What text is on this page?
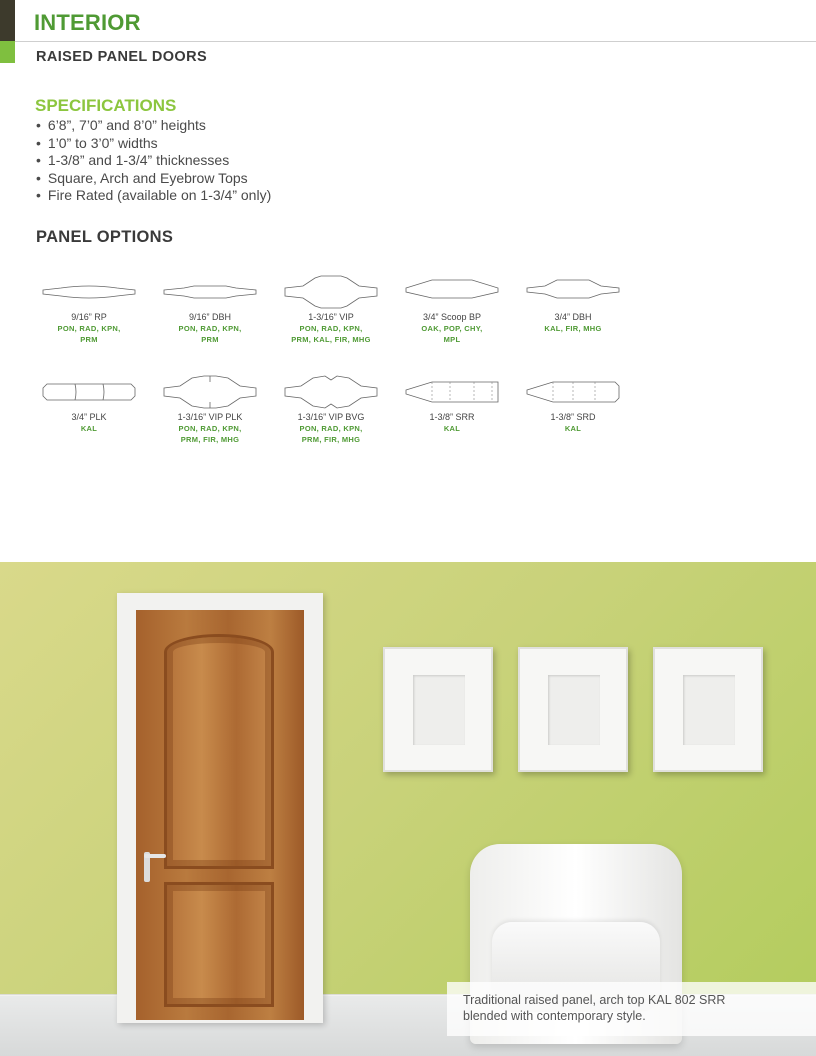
INTERIOR
RAISED PANEL DOORS
SPECIFICATIONS
• 6’8”, 7’0” and 8’0” heights
• 1’0” to 3’0” widths
• 1-3/8” and 1-3/4” thicknesses
• Square, Arch and Eyebrow Tops
• Fire Rated (available on 1-3/4” only)
PANEL OPTIONS
9/16” RP
PON, RAD, KPN,
PRM
9/16” DBH
PON, RAD, KPN,
PRM
1-3/16” VIP
PON, RAD, KPN,
PRM, KAL, FIR, MHG
3/4” Scoop BP
OAK, POP, CHY,
MPL
3/4” DBH
KAL, FIR, MHG
3/4” PLK
KAL
1-3/16” VIP PLK
PON, RAD, KPN,
PRM, FIR, MHG
1-3/16” VIP BVG
PON, RAD, KPN,
PRM, FIR, MHG
1-3/8” SRR
KAL
1-3/8” SRD
KAL
Traditional raised panel, arch top KAL 802 SRR
blended with contemporary style.
